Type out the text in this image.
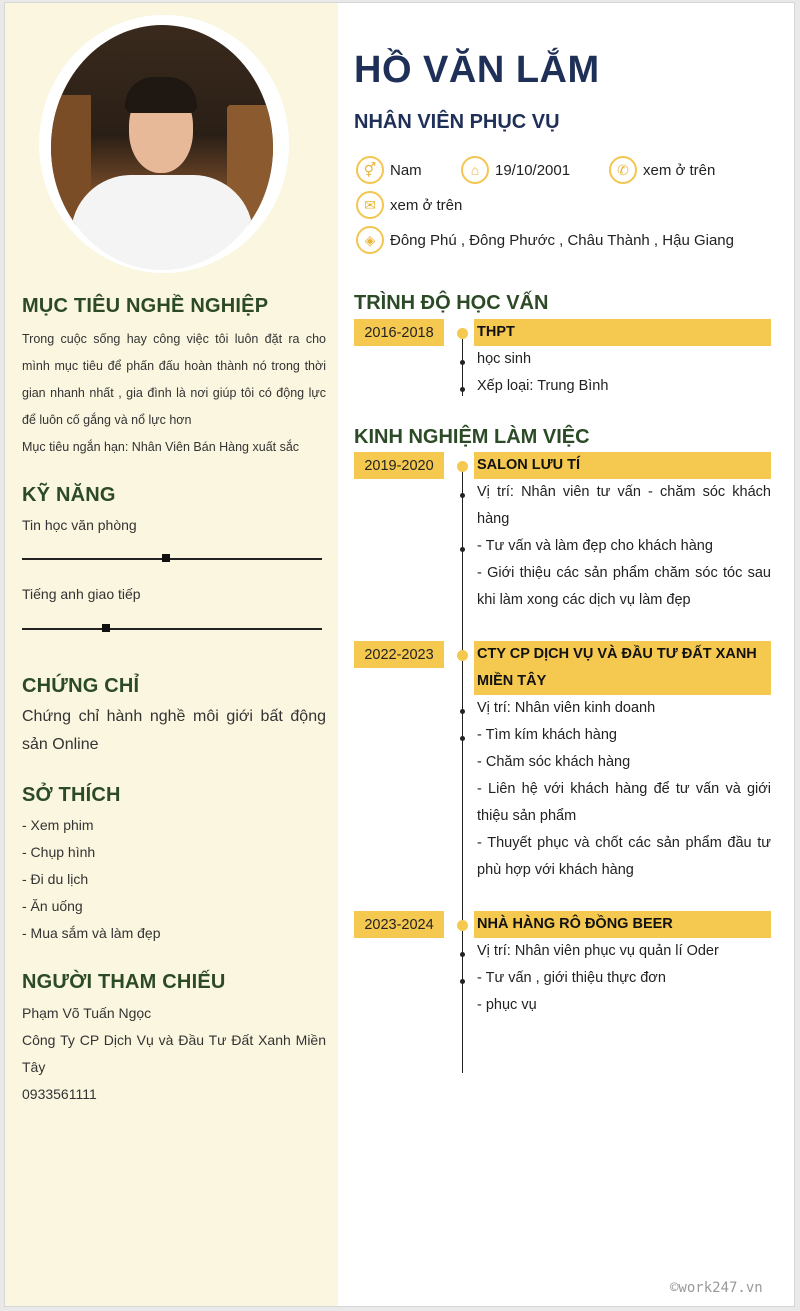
MỤC TIÊU NGHỀ NGHIỆP
Trong cuộc sống hay công việc tôi luôn đặt ra cho mình mục tiêu để phấn đấu hoàn thành nó trong thời gian nhanh nhất , gia đình là nơi giúp tôi có động lực để luôn cố gắng và nổ lực hơn
Mục tiêu ngắn hạn: Nhân Viên Bán Hàng xuất sắc
KỸ NĂNG
Tin học văn phòng
Tiếng anh giao tiếp
CHỨNG CHỈ
Chứng chỉ hành nghề môi giới bất động sản Online
SỞ THÍCH
- Xem phim
- Chụp hình
- Đi du lịch
- Ăn uống
- Mua sắm và làm đẹp
NGƯỜI THAM CHIẾU
Phạm Võ Tuấn Ngọc
Công Ty CP Dịch Vụ và Đầu Tư Đất Xanh Miền Tây
0933561111
HỒ VĂN LẮM
NHÂN VIÊN PHỤC VỤ
⚥ Nam	⌂	19/10/2001	✆ xem ở trên
✉ xem ở trên
◈ Đông Phú , Đông Phước , Châu Thành , Hậu Giang
TRÌNH ĐỘ HỌC VẤN
2016-2018	THPT
học sinh
Xếp loại: Trung Bình
KINH NGHIỆM LÀM VIỆC
2019-2020	SALON LƯU TÍ
Vị trí: Nhân viên tư vấn - chăm sóc khách hàng
- Tư vấn và làm đẹp cho khách hàng
- Giới thiệu các sản phẩm chăm sóc tóc sau khi làm xong các dịch vụ làm đẹp
2022-2023	CTY CP DỊCH VỤ VÀ ĐẦU TƯ ĐẤT XANH MIỀN TÂY
Vị trí: Nhân viên kinh doanh
- Tìm kím khách hàng
- Chăm sóc khách hàng
- Liên hệ với khách hàng để tư vấn và giới thiệu sản phẩm
- Thuyết phục và chốt các sản phẩm đầu tư phù hợp với khách hàng
2023-2024	NHÀ HÀNG RÔ ĐỒNG BEER
Vị trí: Nhân viên phục vụ quản lí Oder
- Tư vấn , giới thiệu thực đơn
- phục vụ
©work247.vn
